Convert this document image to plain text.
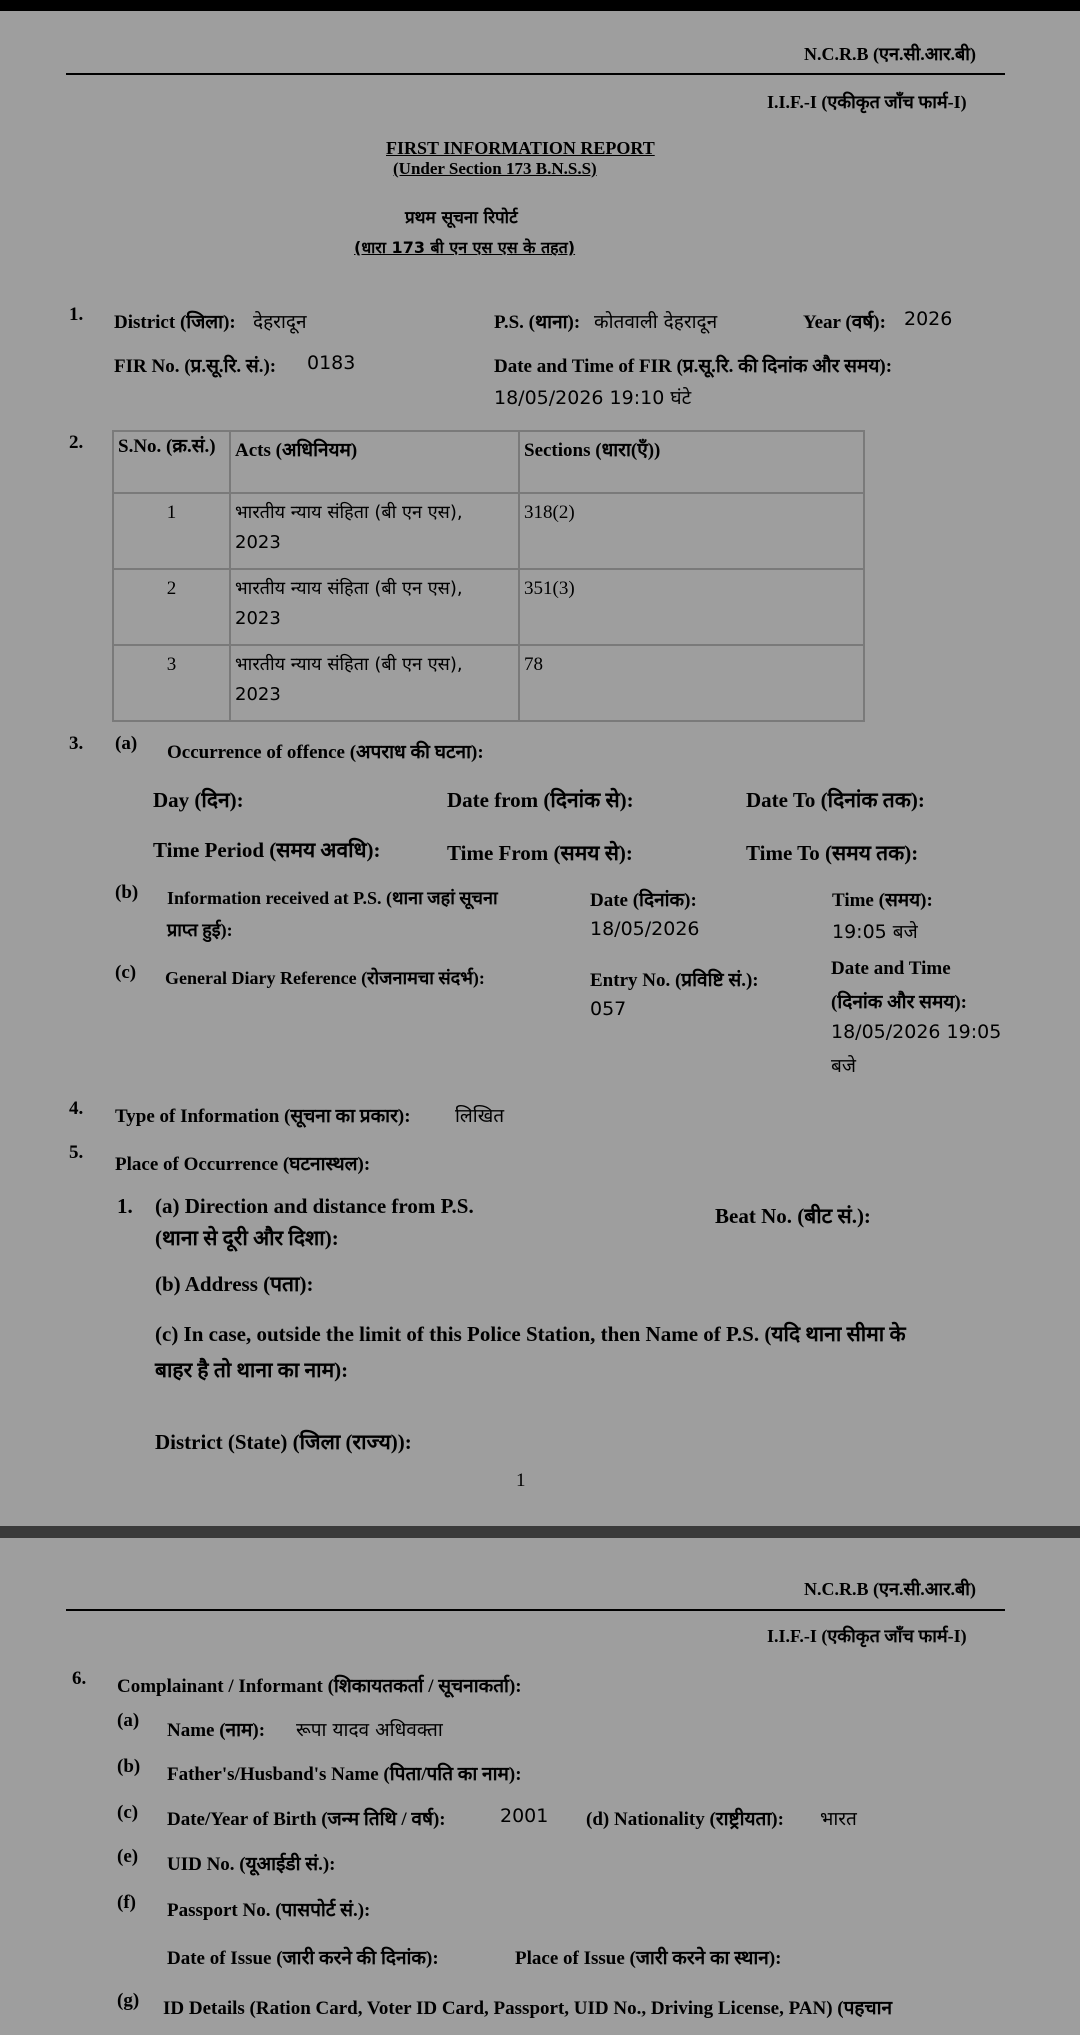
N.C.R.B (एन.सी.आर.बी)
I.I.F.-I (एकीकृत जाँच फार्म-I)
FIRST INFORMATION REPORT
(Under Section 173 B.N.S.S)
प्रथम सूचना रिपोर्ट
(धारा 173 बी एन एस एस के तहत)
1. District (जिला): देहरादून	P.S. (थाना): कोतवाली देहरादून	Year (वर्ष): 2026
FIR No. (प्र.सू.रि. सं.): 0183	Date and Time of FIR (प्र.सू.रि. की दिनांक और समय):
18/05/2026 19:10 घंटे
2. S.No. (क्र.सं.)	Acts (अधिनियम)	Sections (धारा(एँ))
1	भारतीय न्याय संहिता (बी एन एस), 2023	318(2)
2	भारतीय न्याय संहिता (बी एन एस), 2023	351(3)
3	भारतीय न्याय संहिता (बी एन एस), 2023	78
3. (a) Occurrence of offence (अपराध की घटना):
Day (दिन):	Date from (दिनांक से):	Date To (दिनांक तक):
Time Period (समय अवधि):	Time From (समय से):	Time To (समय तक):
(b) Information received at P.S. (थाना जहां सूचना
प्राप्त हुई):
Date (दिनांक):
18/05/2026
Time (समय):
19:05 बजे
(c) General Diary Reference (रोजनामचा संदर्भ):	Entry No. (प्रविष्टि सं.):
057
Date and Time
(दिनांक और समय):
18/05/2026 19:05
बजे
4. Type of Information (सूचना का प्रकार): लिखित
5.
Place of Occurrence (घटनास्थल):
1. (a) Direction and distance from P.S.
(थाना से दूरी और दिशा):
Beat No. (बीट सं.):
(b) Address (पता):
(c) In case, outside the limit of this Police Station, then Name of P.S. (यदि थाना सीमा के
बाहर है तो थाना का नाम):
District (State) (जिला (राज्य)):
1
N.C.R.B (एन.सी.आर.बी)
I.I.F.-I (एकीकृत जाँच फार्म-I)
6. Complainant / Informant (शिकायतकर्ता / सूचनाकर्ता):
(a) Name (नाम): रूपा यादव अधिवक्ता
(b) Father's/Husband's Name (पिता/पति का नाम):
(c) Date/Year of Birth (जन्म तिथि / वर्ष):	2001 (d) Nationality (राष्ट्रीयता): भारत
(e) UID No. (यूआईडी सं.):
(f) Passport No. (पासपोर्ट सं.):
Date of Issue (जारी करने की दिनांक):	Place of Issue (जारी करने का स्थान):
(g) ID Details (Ration Card, Voter ID Card, Passport, UID No., Driving License, PAN) (पहचान
